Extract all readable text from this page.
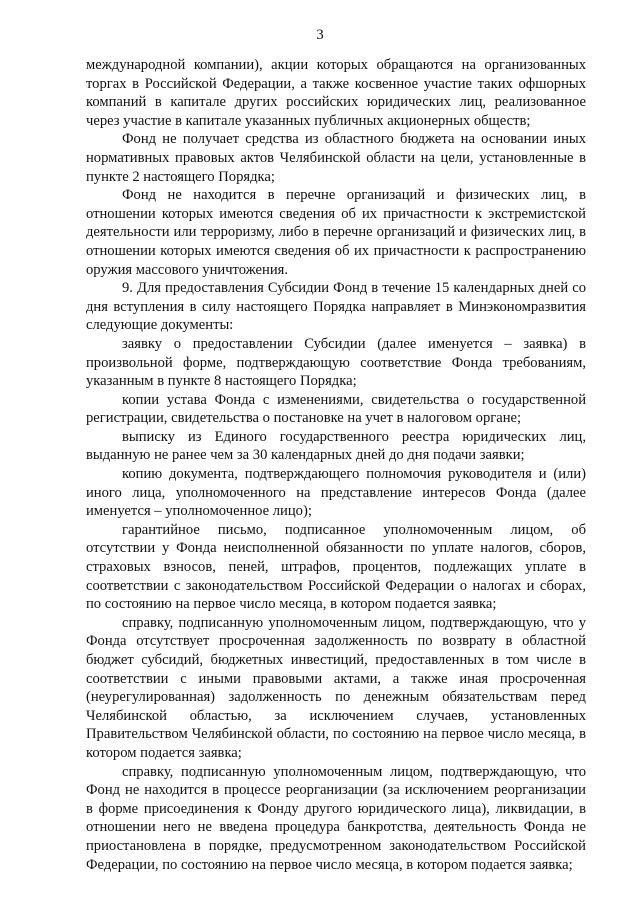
3

международной компании), акции которых обращаются на организованных торгах в Российской Федерации, а также косвенное участие таких офшорных компаний в капитале других российских юридических лиц, реализованное через участие в капитале указанных публичных акционерных обществ;

Фонд не получает средства из областного бюджета на основании иных нормативных правовых актов Челябинской области на цели, установленные в пункте 2 настоящего Порядка;

Фонд не находится в перечне организаций и физических лиц, в отношении которых имеются сведения об их причастности к экстремистской деятельности или терроризму, либо в перечне организаций и физических лиц, в отношении которых имеются сведения об их причастности к распространению оружия массового уничтожения.

9. Для предоставления Субсидии Фонд в течение 15 календарных дней со дня вступления в силу настоящего Порядка направляет в Минэкономразвития следующие документы:

заявку о предоставлении Субсидии (далее именуется – заявка) в произвольной форме, подтверждающую соответствие Фонда требованиям, указанным в пункте 8 настоящего Порядка;

копии устава Фонда с изменениями, свидетельства о государственной регистрации, свидетельства о постановке на учет в налоговом органе;

выписку из Единого государственного реестра юридических лиц, выданную не ранее чем за 30 календарных дней до дня подачи заявки;

копию документа, подтверждающего полномочия руководителя и (или) иного лица, уполномоченного на представление интересов Фонда (далее именуется – уполномоченное лицо);

гарантийное письмо, подписанное уполномоченным лицом, об отсутствии у Фонда неисполненной обязанности по уплате налогов, сборов, страховых взносов, пеней, штрафов, процентов, подлежащих уплате в соответствии с законодательством Российской Федерации о налогах и сборах, по состоянию на первое число месяца, в котором подается заявка;

справку, подписанную уполномоченным лицом, подтверждающую, что у Фонда отсутствует просроченная задолженность по возврату в областной бюджет субсидий, бюджетных инвестиций, предоставленных в том числе в соответствии с иными правовыми актами, а также иная просроченная (неурегулированная) задолженность по денежным обязательствам перед Челябинской областью, за исключением случаев, установленных Правительством Челябинской области, по состоянию на первое число месяца, в котором подается заявка;

справку, подписанную уполномоченным лицом, подтверждающую, что Фонд не находится в процессе реорганизации (за исключением реорганизации в форме присоединения к Фонду другого юридического лица), ликвидации, в отношении него не введена процедура банкротства, деятельность Фонда не приостановлена в порядке, предусмотренном законодательством Российской Федерации, по состоянию на первое число месяца, в котором подается заявка;
